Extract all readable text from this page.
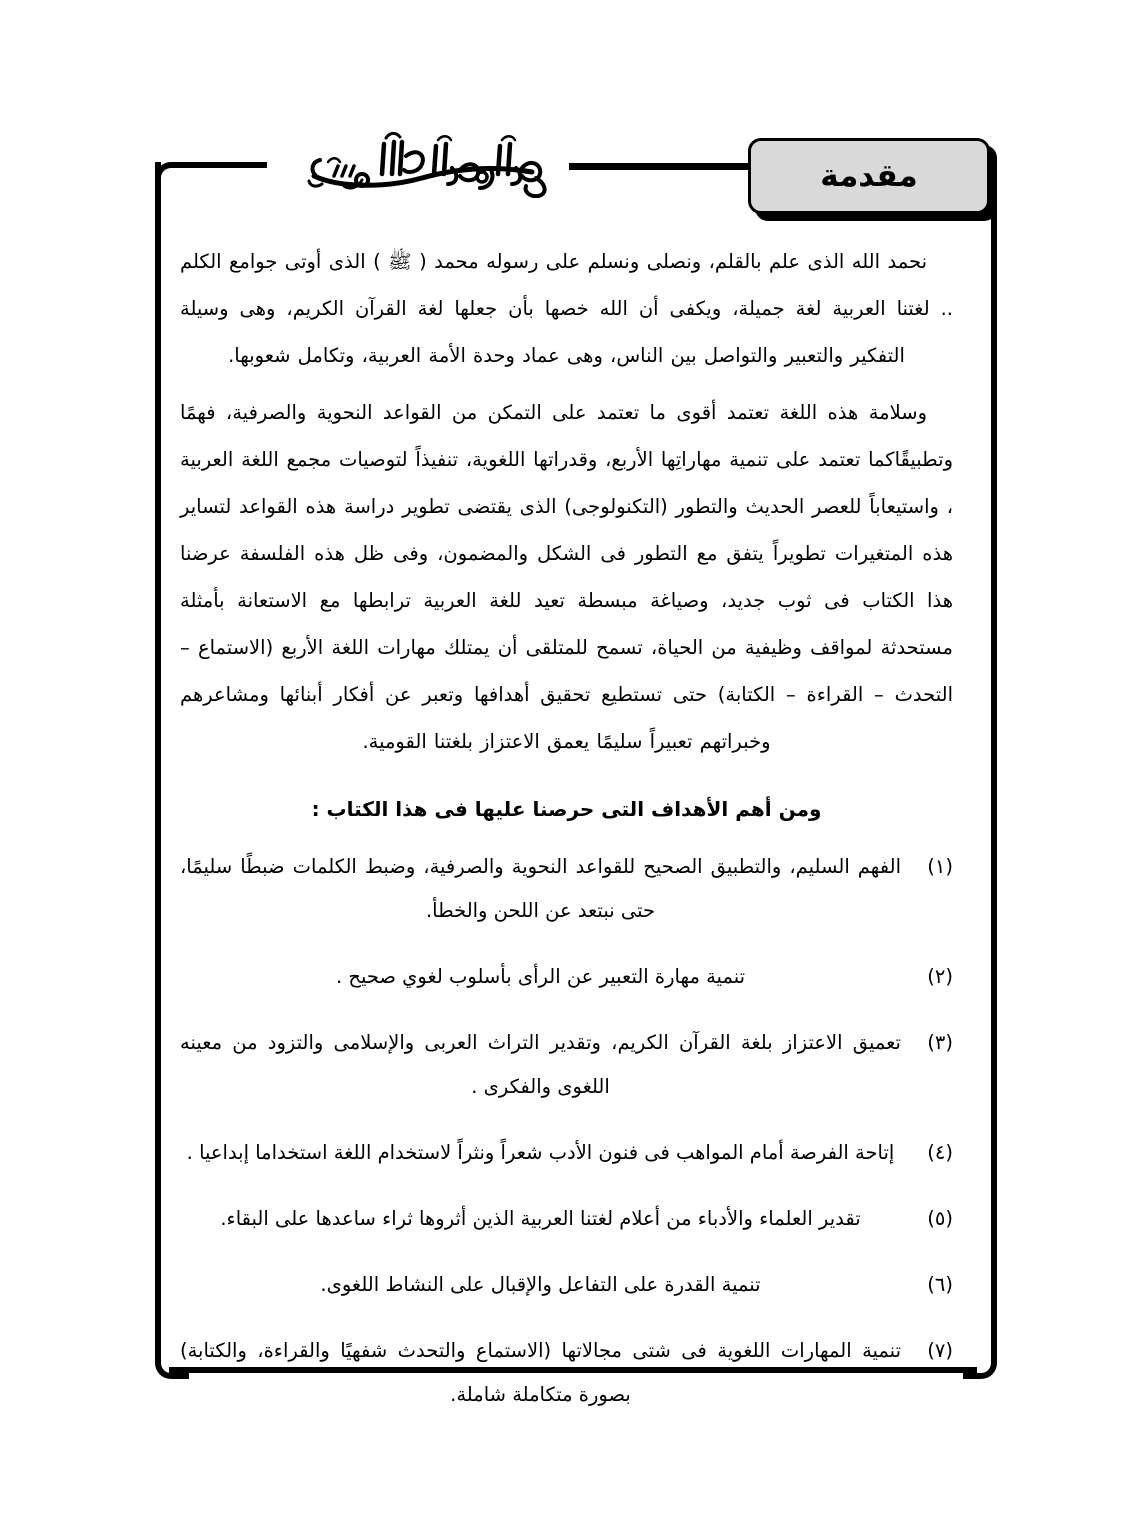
مقدمة

نحمد الله الذى علم بالقلم، ونصلى ونسلم على رسوله محمد ( ﷺ ) الذى أوتى جوامع الكلم .. لغتنا العربية لغة جميلة، ويكفى أن الله خصها بأن جعلها لغة القرآن الكريم، وهى وسيلة التفكير والتعبير والتواصل بين الناس، وهى عماد وحدة الأمة العربية، وتكامل شعوبها.

وسلامة هذه اللغة تعتمد أقوى ما تعتمد على التمكن من القواعد النحوية والصرفية، فهمًا وتطبيقًاكما تعتمد على تنمية مهاراتِها الأربع، وقدراتها اللغوية، تنفيذاً لتوصيات مجمع اللغة العربية ، واستيعاباً للعصر الحديث والتطور (التكنولوجى) الذى يقتضى تطوير دراسة هذه القواعد لتساير هذه المتغيرات تطويراً يتفق مع التطور فى الشكل والمضمون، وفى ظل هذه الفلسفة عرضنا هذا الكتاب فى ثوب جديد، وصياغة مبسطة تعيد للغة العربية ترابطها مع الاستعانة بأمثلة مستحدثة لمواقف وظيفية من الحياة، تسمح للمتلقى أن يمتلك مهارات اللغة الأربع (الاستماع – التحدث – القراءة – الكتابة) حتى تستطيع تحقيق أهدافها وتعبر عن أفكار أبنائها ومشاعرهم وخبراتهم تعبيراً سليمًا يعمق الاعتزاز بلغتنا القومية.

ومن أهم الأهداف التى حرصنا عليها فى هذا الكتاب :
(١)
الفهم السليم، والتطبيق الصحيح للقواعد النحوية والصرفية، وضبط الكلمات ضبطًا سليمًا، حتى نبتعد عن اللحن والخطأ.
(٢)
تنمية مهارة التعبير عن الرأى بأسلوب لغوي صحيح .
(٣)
تعميق الاعتزاز بلغة القرآن الكريم، وتقدير التراث العربى والإسلامى والتزود من معينه اللغوى والفكرى .
(٤)
إتاحة الفرصة أمام المواهب فى فنون الأدب شعراً ونثراً لاستخدام اللغة استخداما إبداعيا .
(٥)
تقدير العلماء والأدباء من أعلام لغتنا العربية الذين أثروها ثراء ساعدها على البقاء.
(٦)
تنمية القدرة على التفاعل والإقبال على النشاط اللغوى.
(٧)
تنمية المهارات اللغوية فى شتى مجالاتها (الاستماع والتحدث شفهيًا والقراءة، والكتابة) بصورة متكاملة شاملة.
